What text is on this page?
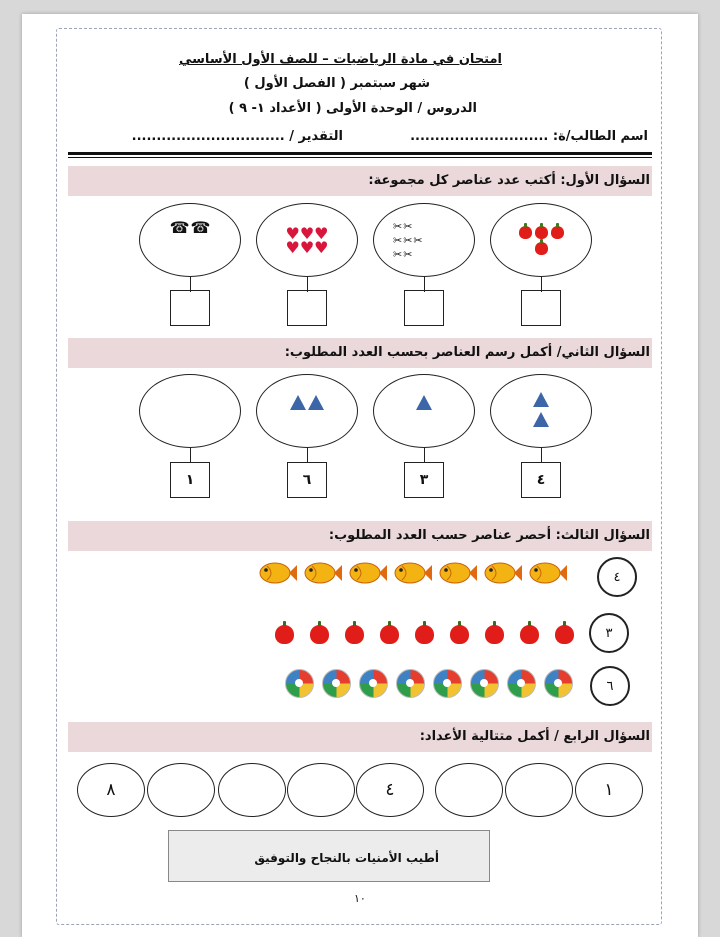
امتحان في مادة الرياضيات – للصف الأول الأساسي
شهر سبتمبر ( الفصل الأول )
الدروس / الوحدة الأولى ( الأعداد ١- ٩ )
اسم الطالب/ة: ............................
التقدير / ...............................
السؤال الأول: أكتب عدد عناصر كل مجموعة:
✂✂
✂✂✂
✂✂
♥♥♥
♥♥♥
☎ ☎
السؤال الثاني/ أكمل رسم العناصر بحسب العدد المطلوب:
٤
٣
٦
١
السؤال الثالث: أحصر عناصر حسب العدد المطلوب:
٤
٣
٦
السؤال الرابع / أكمل متتالية الأعداد:
١
٤
٨
أطيب الأمنيات بالنجاح والتوفيق
١٠
